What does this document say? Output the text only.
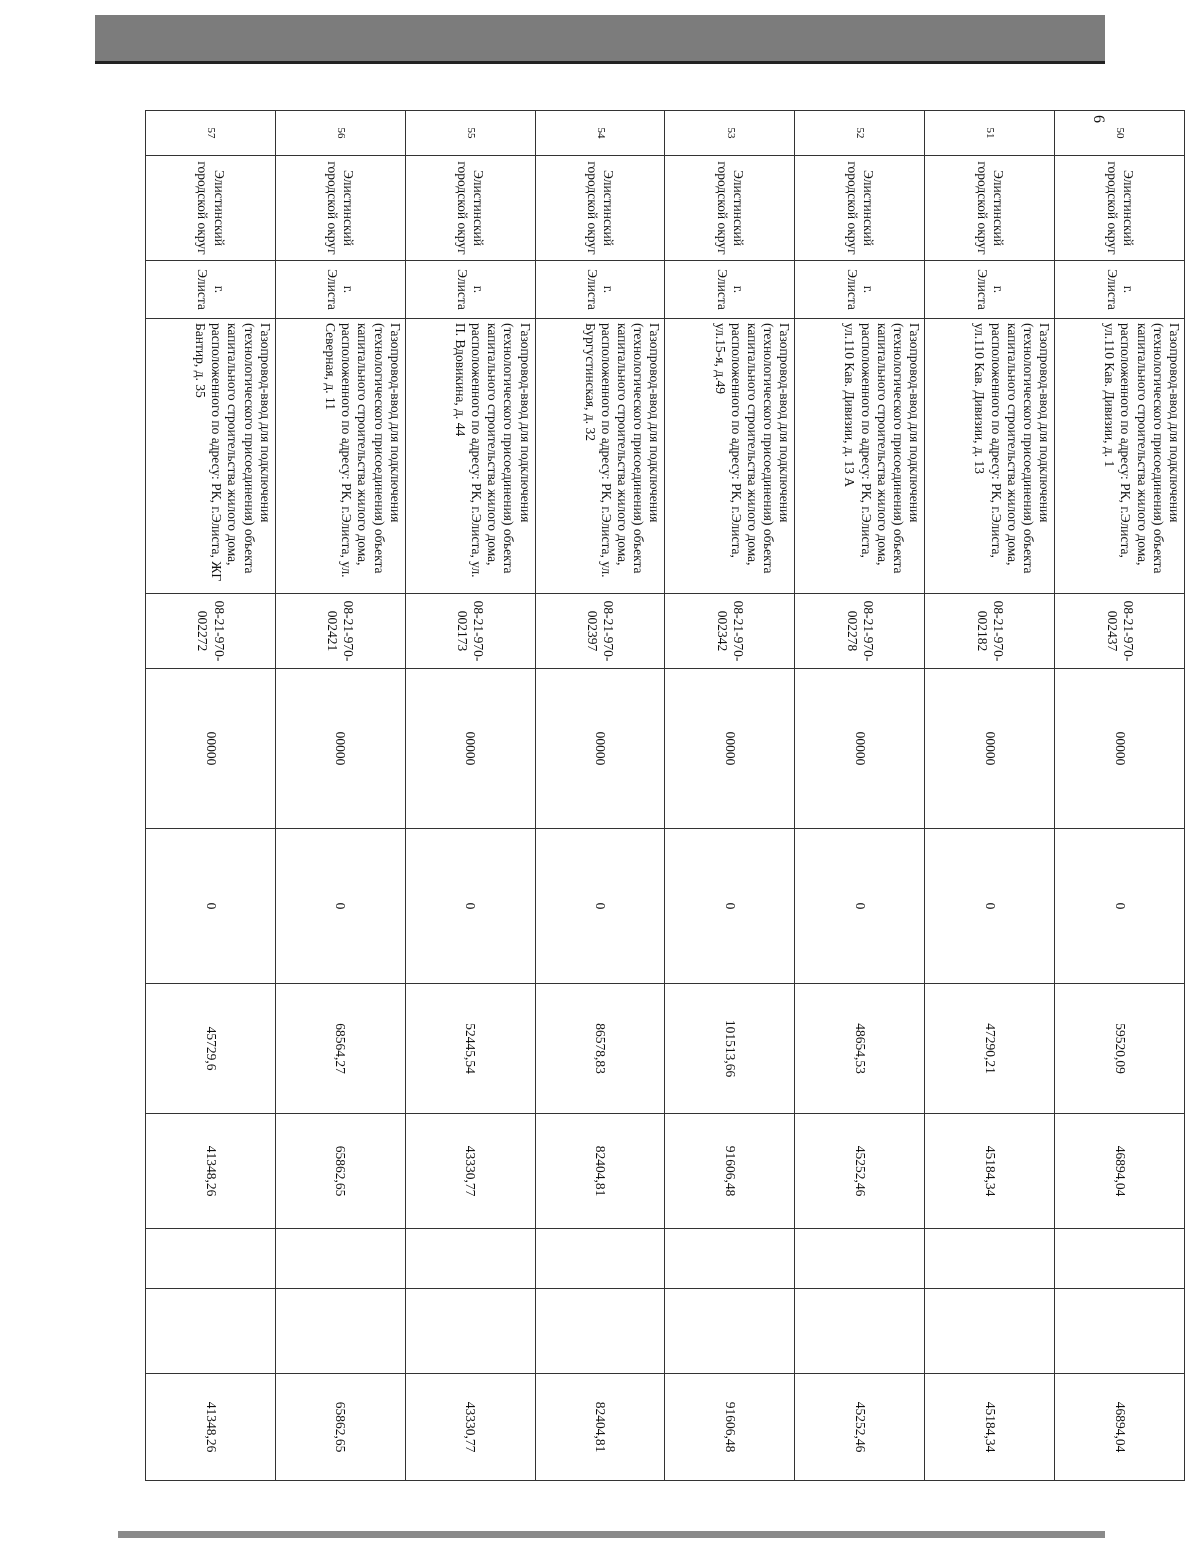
6
50	Элистинский городской округ	г. Элиста	Газопровод-ввод для подключения (технологического присоединения) объекта капитального строительства жилого дома, расположенного по адресу: РК, г.Элиста, ул.110 Кав. Дивизии, д. 1	08-21-970-002437	00000	0	59520,09	46894,04			46894,04
51	Элистинский городской округ	г. Элиста	Газопровод-ввод для подключения (технологического присоединения) объекта капитального строительства жилого дома, расположенного по адресу: РК, г.Элиста, ул.110 Кав. Дивизии, д. 13	08-21-970-002182	00000	0	47290,21	45184,34			45184,34
52	Элистинский городской округ	г. Элиста	Газопровод-ввод для подключения (технологического присоединения) объекта капитального строительства жилого дома, расположенного по адресу: РК, г.Элиста, ул.110 Кав. Дивизии, д. 13 А	08-21-970-002278	00000	0	48654,53	45252,46			45252,46
53	Элистинский городской округ	г. Элиста	Газопровод-ввод для подключения (технологического присоединения) объекта капитального строительства жилого дома, расположенного по адресу: РК, г.Элиста, ул.15-я, д.49	08-21-970-002342	00000	0	101513,66	91606,48			91606,48
54	Элистинский городской округ	г. Элиста	Газопровод-ввод для подключения (технологического присоединения) объекта капитального строительства жилого дома, расположенного по адресу: РК, г.Элиста, ул. Бургустинская, д. 32	08-21-970-002397	00000	0	86578,83	82404,81			82404,81
55	Элистинский городской округ	г. Элиста	Газопровод-ввод для подключения (технологического присоединения) объекта капитального строительства жилого дома, расположенного по адресу: РК, г.Элиста, ул. П. Вдовикина, д. 44	08-21-970-002173	00000	0	52445,54	43330,77			43330,77
56	Элистинский городской округ	г. Элиста	Газопровод-ввод для подключения (технологического присоединения) объекта капитального строительства жилого дома, расположенного по адресу: РК, г.Элиста, ул. Северная, д. 11	08-21-970-002421	00000	0	68564,27	65862,65			65862,65
57	Элистинский городской округ	г. Элиста	Газопровод-ввод для подключения (технологического присоединения) объекта капитального строительства жилого дома, расположенного по адресу: РК, г.Элиста, ЖГ Бантир, д. 35	08-21-970-002272	00000	0	45729,6	41348,26			41348,26
